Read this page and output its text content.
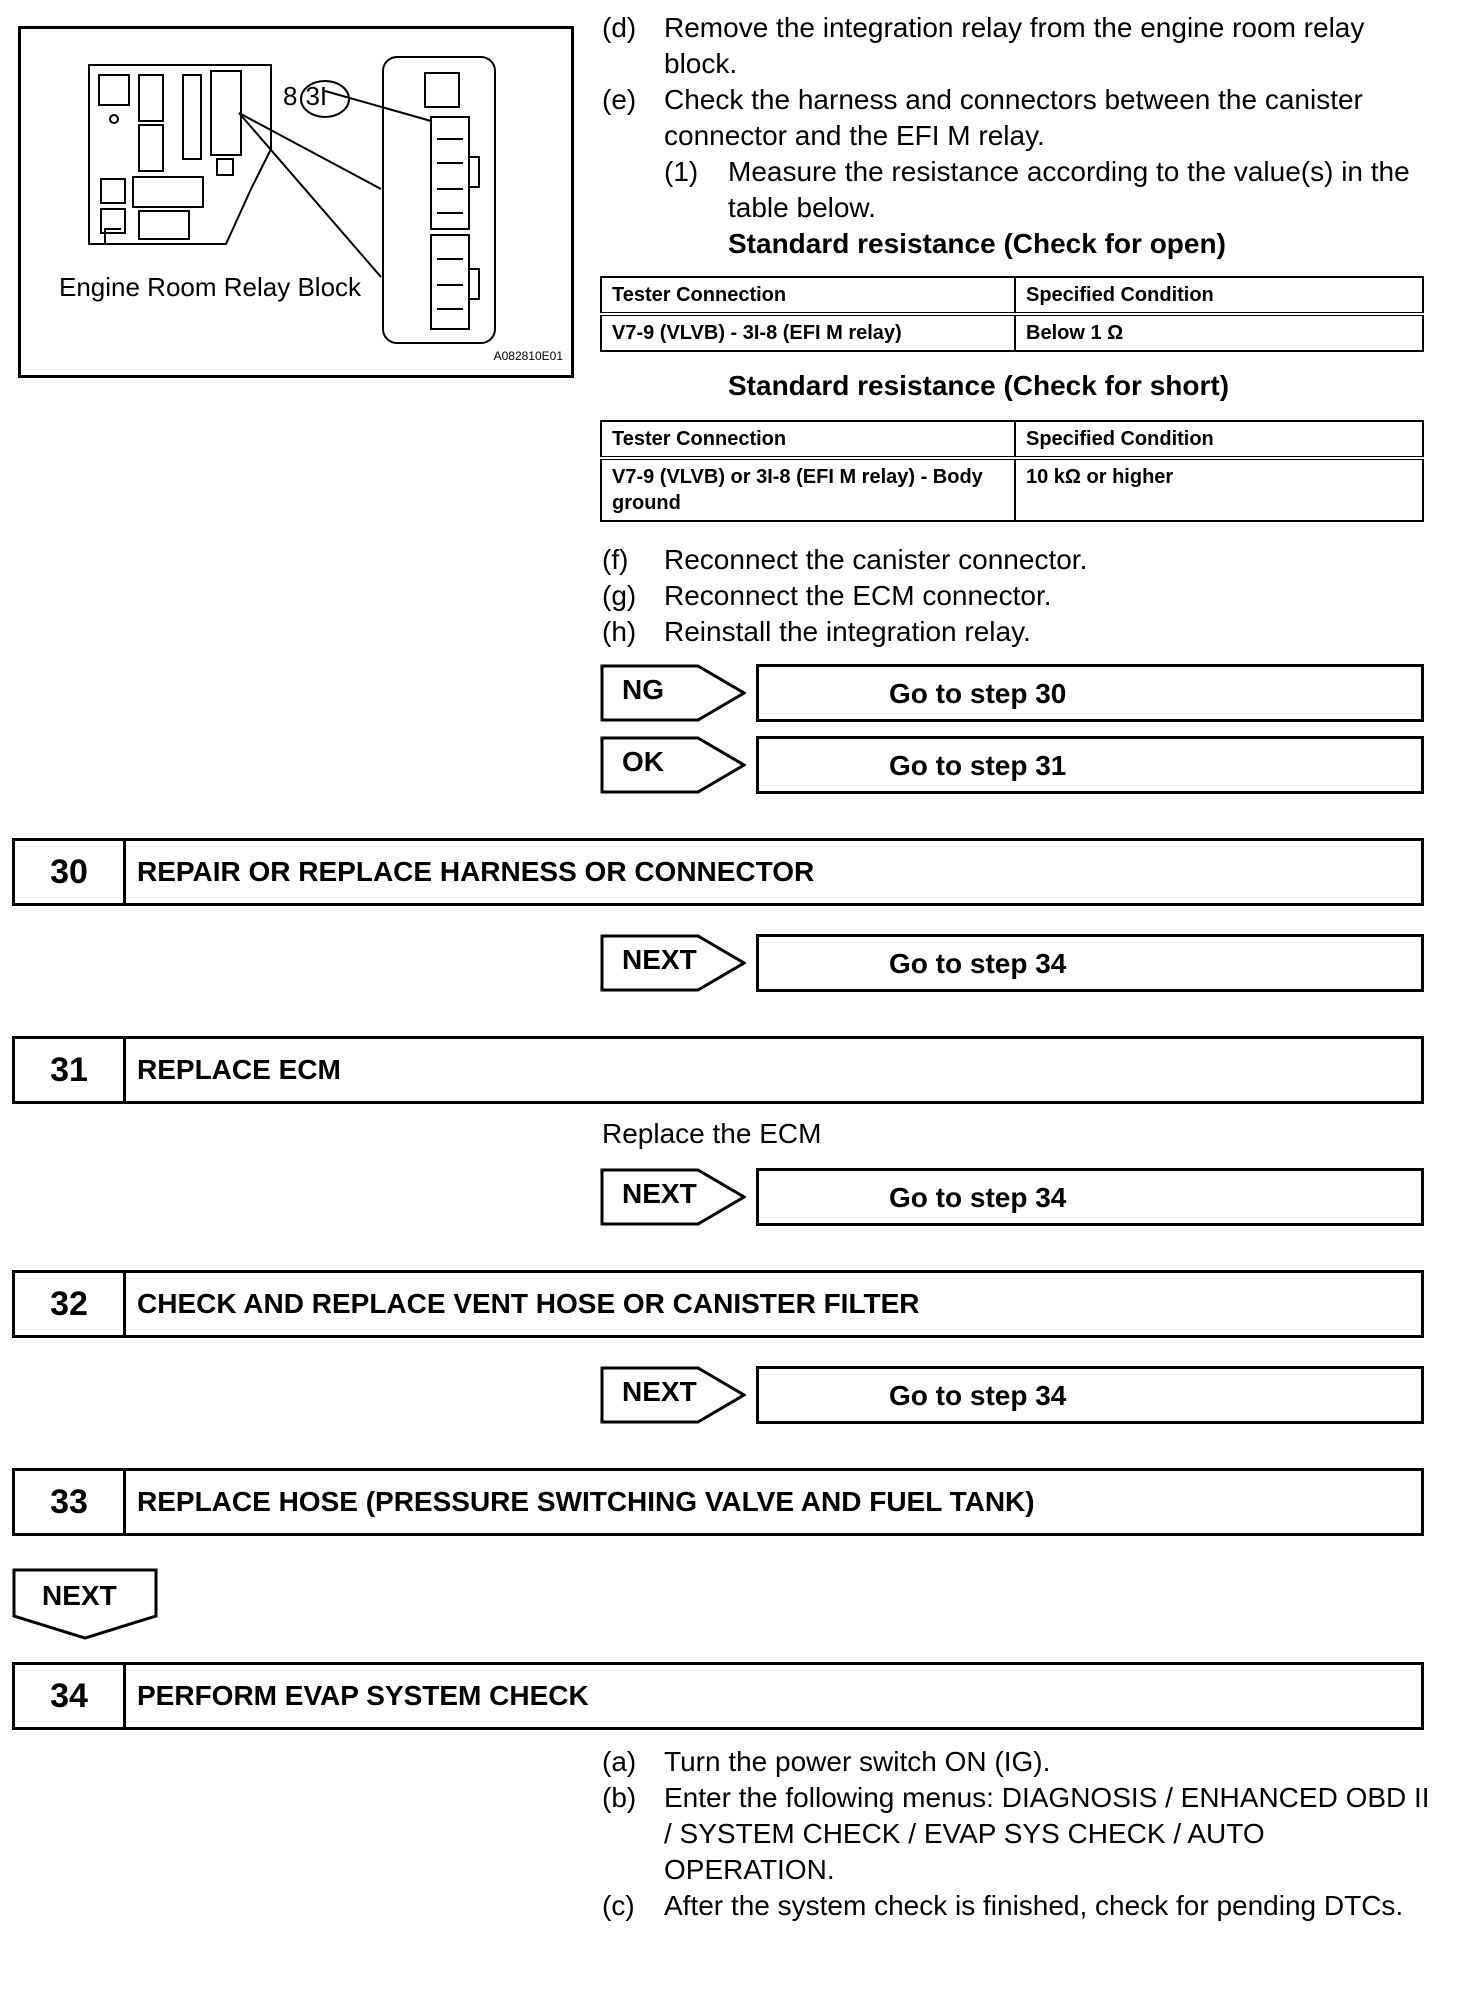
8 3I
Engine Room Relay Block
A082810E01
(d) Remove the integration relay from the engine room relay block.
(e) Check the harness and connectors between the canister connector and the EFI M relay.
(1) Measure the resistance according to the value(s) in the table below.
Standard resistance (Check for open)
Tester Connection	Specified Condition
V7-9 (VLVB) - 3I-8 (EFI M relay)	Below 1 Ω
Standard resistance (Check for short)
Tester Connection	Specified Condition
V7-9 (VLVB) or 3I-8 (EFI M relay) - Body ground	10 kΩ or higher
(f) Reconnect the canister connector.
(g) Reconnect the ECM connector.
(h) Reinstall the integration relay.
NG	Go to step 30
OK	Go to step 31
30	REPAIR OR REPLACE HARNESS OR CONNECTOR
NEXT	Go to step 34
31	REPLACE ECM
Replace the ECM
NEXT	Go to step 34
32	CHECK AND REPLACE VENT HOSE OR CANISTER FILTER
NEXT	Go to step 34
33	REPLACE HOSE (PRESSURE SWITCHING VALVE AND FUEL TANK)
NEXT
34	PERFORM EVAP SYSTEM CHECK
(a) Turn the power switch ON (IG).
(b) Enter the following menus: DIAGNOSIS / ENHANCED OBD II / SYSTEM CHECK / EVAP SYS CHECK / AUTO OPERATION.
(c) After the system check is finished, check for pending DTCs.
